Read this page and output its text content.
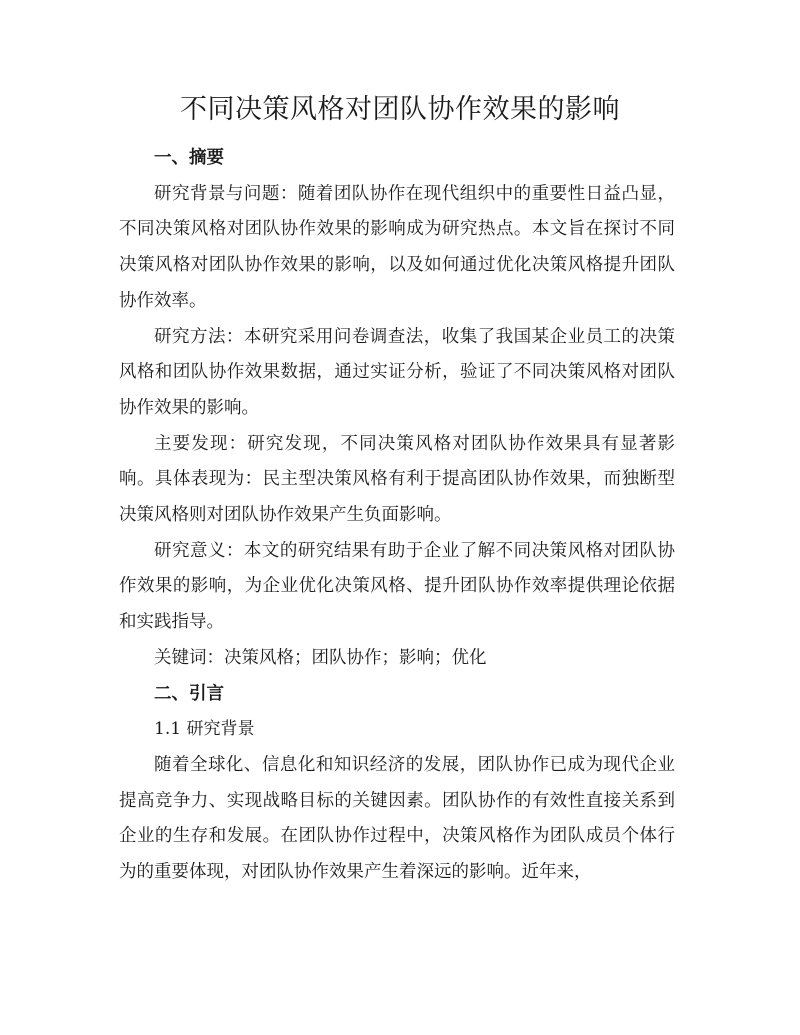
不同决策风格对团队协作效果的影响
一、摘要

研究背景与问题：随着团队协作在现代组织中的重要性日益凸显，不同决策风格对团队协作效果的影响成为研究热点。本文旨在探讨不同决策风格对团队协作效果的影响，以及如何通过优化决策风格提升团队协作效率。

研究方法：本研究采用问卷调查法，收集了我国某企业员工的决策风格和团队协作效果数据，通过实证分析，验证了不同决策风格对团队协作效果的影响。

主要发现：研究发现，不同决策风格对团队协作效果具有显著影响。具体表现为：民主型决策风格有利于提高团队协作效果，而独断型决策风格则对团队协作效果产生负面影响。

研究意义：本文的研究结果有助于企业了解不同决策风格对团队协作效果的影响，为企业优化决策风格、提升团队协作效率提供理论依据和实践指导。

关键词：决策风格；团队协作；影响；优化

二、引言
1.1 研究背景

随着全球化、信息化和知识经济的发展，团队协作已成为现代企业提高竞争力、实现战略目标的关键因素。团队协作的有效性直接关系到企业的生存和发展。在团队协作过程中，决策风格作为团队成员个体行为的重要体现，对团队协作效果产生着深远的影响。近年来，
